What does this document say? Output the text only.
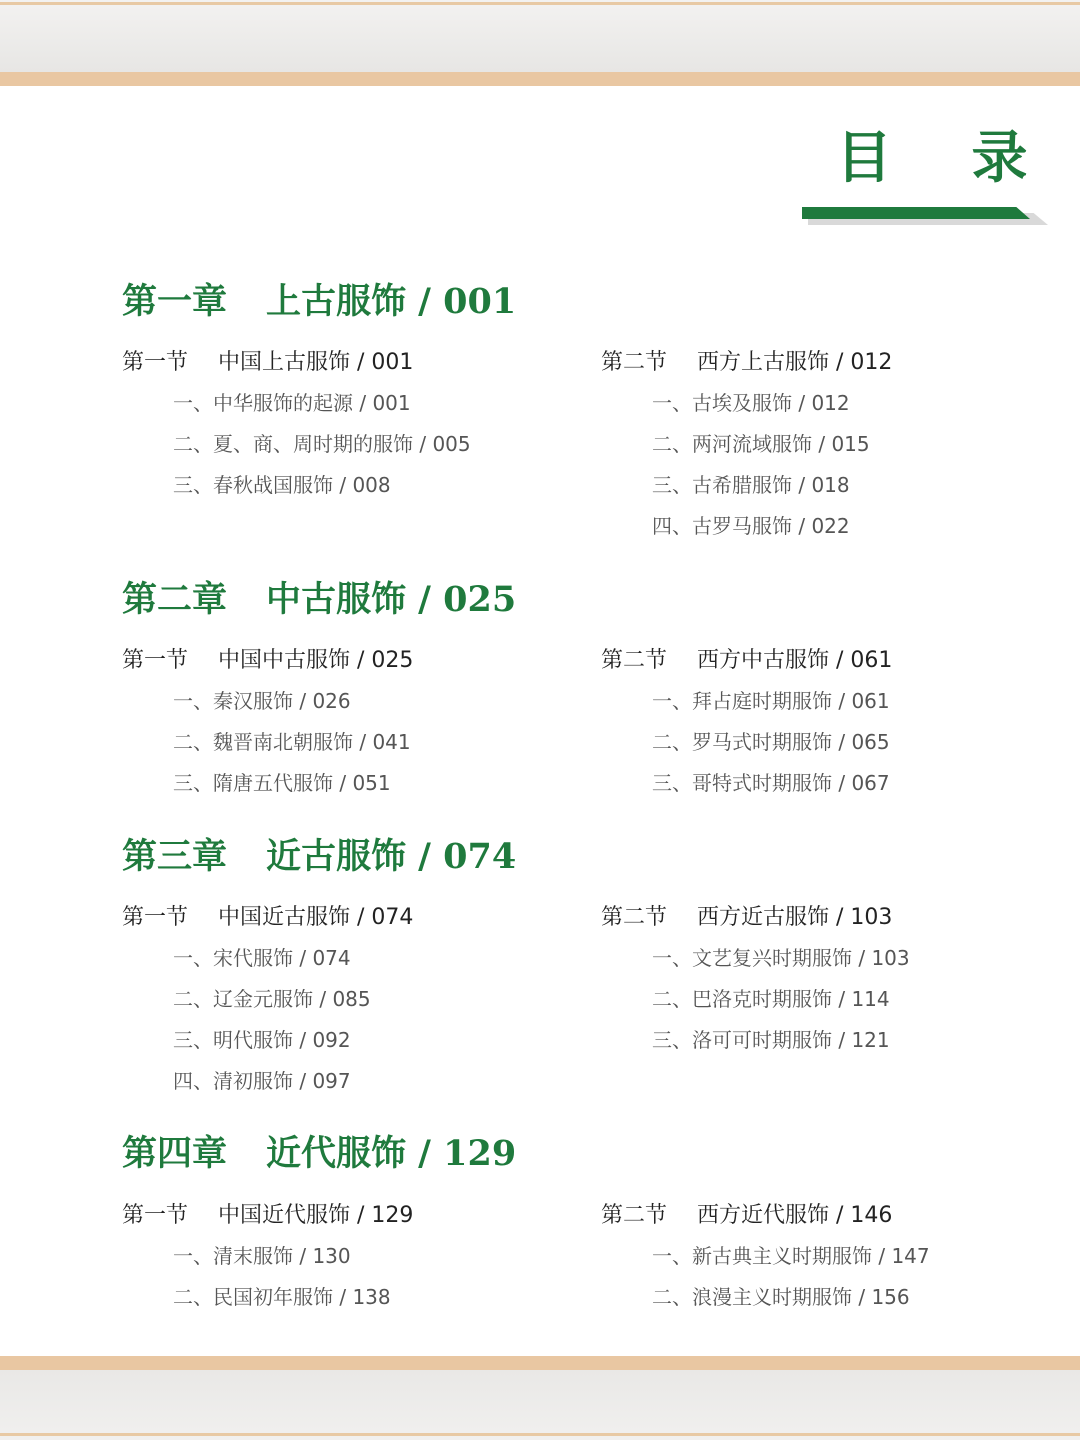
目 录
第一章 上古服饰 / 001
第一节 中国上古服饰 / 001
一、中华服饰的起源 / 001
二、夏、商、周时期的服饰 / 005
三、春秋战国服饰 / 008
第二节 西方上古服饰 / 012
一、古埃及服饰 / 012
二、两河流域服饰 / 015
三、古希腊服饰 / 018
四、古罗马服饰 / 022
第二章 中古服饰 / 025
第一节 中国中古服饰 / 025
一、秦汉服饰 / 026
二、魏晋南北朝服饰 / 041
三、隋唐五代服饰 / 051
第二节 西方中古服饰 / 061
一、拜占庭时期服饰 / 061
二、罗马式时期服饰 / 065
三、哥特式时期服饰 / 067
第三章 近古服饰 / 074
第一节 中国近古服饰 / 074
一、宋代服饰 / 074
二、辽金元服饰 / 085
三、明代服饰 / 092
四、清初服饰 / 097
第二节 西方近古服饰 / 103
一、文艺复兴时期服饰 / 103
二、巴洛克时期服饰 / 114
三、洛可可时期服饰 / 121
第四章 近代服饰 / 129
第一节 中国近代服饰 / 129
一、清末服饰 / 130
二、民国初年服饰 / 138
第二节 西方近代服饰 / 146
一、新古典主义时期服饰 / 147
二、浪漫主义时期服饰 / 156
